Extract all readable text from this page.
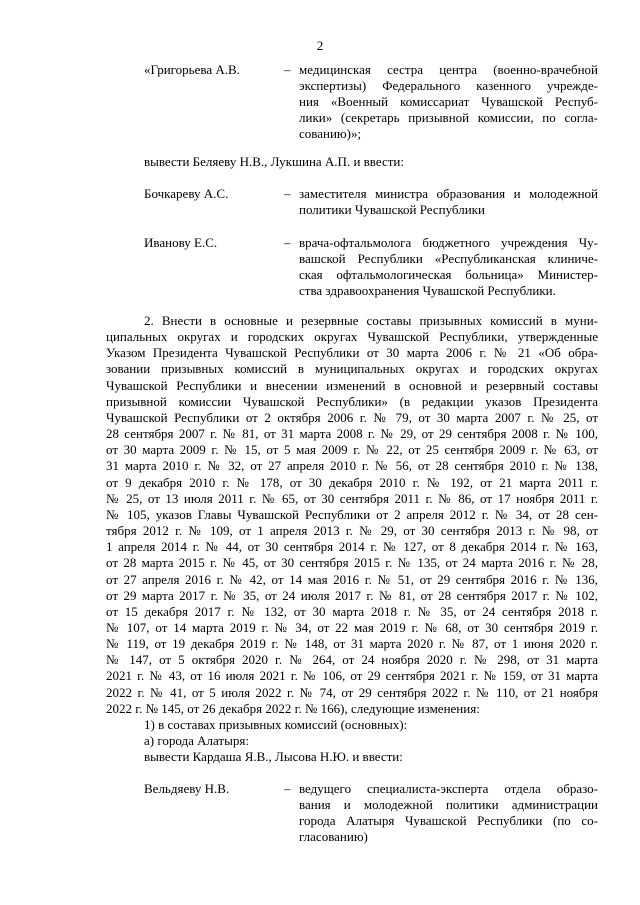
2
«Григорьева А.В.	– медицинская сестра центра (военно-врачебной
экспертизы) Федерального казенного учрежде-
ния «Военный комиссариат Чувашской Респуб-
лики» (секретарь призывной комиссии, по согла-
сованию)»;
вывести Беляеву Н.В., Лукшина А.П. и ввести:
Бочкареву А.С.	– заместителя министра образования и молодежной
политики Чувашской Республики
Иванову Е.С.	– врача-офтальмолога бюджетного учреждения Чу-
вашской Республики «Республиканская клиниче-
ская офтальмологическая больница» Министер-
ства здравоохранения Чувашской Республики.
2. Внести в основные и резервные составы призывных комиссий в муни-
ципальных округах и городских округах Чувашской Республики, утвержденные
Указом Президента Чувашской Республики от 30 марта 2006 г. № 21 «Об обра-
зовании призывных комиссий в муниципальных округах и городских округах
Чувашской Республики и внесении изменений в основной и резервный составы
призывной комиссии Чувашской Республики» (в редакции указов Президента
Чувашской Республики от 2 октября 2006 г. № 79, от 30 марта 2007 г. № 25, от
28 сентября 2007 г. № 81, от 31 марта 2008 г. № 29, от 29 сентября 2008 г. № 100,
от 30 марта 2009 г. № 15, от 5 мая 2009 г. № 22, от 25 сентября 2009 г. № 63, от
31 марта 2010 г. № 32, от 27 апреля 2010 г. № 56, от 28 сентября 2010 г. № 138,
от 9 декабря 2010 г. № 178, от 30 декабря 2010 г. № 192, от 21 марта 2011 г.
№ 25, от 13 июля 2011 г. № 65, от 30 сентября 2011 г. № 86, от 17 ноября 2011 г.
№ 105, указов Главы Чувашской Республики от 2 апреля 2012 г. № 34, от 28 сен-
тября 2012 г. № 109, от 1 апреля 2013 г. № 29, от 30 сентября 2013 г. № 98, от
1 апреля 2014 г. № 44, от 30 сентября 2014 г. № 127, от 8 декабря 2014 г. № 163,
от 28 марта 2015 г. № 45, от 30 сентября 2015 г. № 135, от 24 марта 2016 г. № 28,
от 27 апреля 2016 г. № 42, от 14 мая 2016 г. № 51, от 29 сентября 2016 г. № 136,
от 29 марта 2017 г. № 35, от 24 июля 2017 г. № 81, от 28 сентября 2017 г. № 102,
от 15 декабря 2017 г. № 132, от 30 марта 2018 г. № 35, от 24 сентября 2018 г.
№ 107, от 14 марта 2019 г. № 34, от 22 мая 2019 г. № 68, от 30 сентября 2019 г.
№ 119, от 19 декабря 2019 г. № 148, от 31 марта 2020 г. № 87, от 1 июня 2020 г.
№ 147, от 5 октября 2020 г. № 264, от 24 ноября 2020 г. № 298, от 31 марта
2021 г. № 43, от 16 июля 2021 г. № 106, от 29 сентября 2021 г. № 159, от 31 марта
2022 г. № 41, от 5 июля 2022 г. № 74, от 29 сентября 2022 г. № 110, от 21 ноября
2022 г. № 145, от 26 декабря 2022 г. № 166), следующие изменения:
1) в составах призывных комиссий (основных):
а) города Алатыря:
вывести Кардаша Я.В., Лысова Н.Ю. и ввести:
Вельдяеву Н.В.	– ведущего специалиста-эксперта отдела образо-
вания и молодежной политики администрации
города Алатыря Чувашской Республики (по со-
гласованию)
